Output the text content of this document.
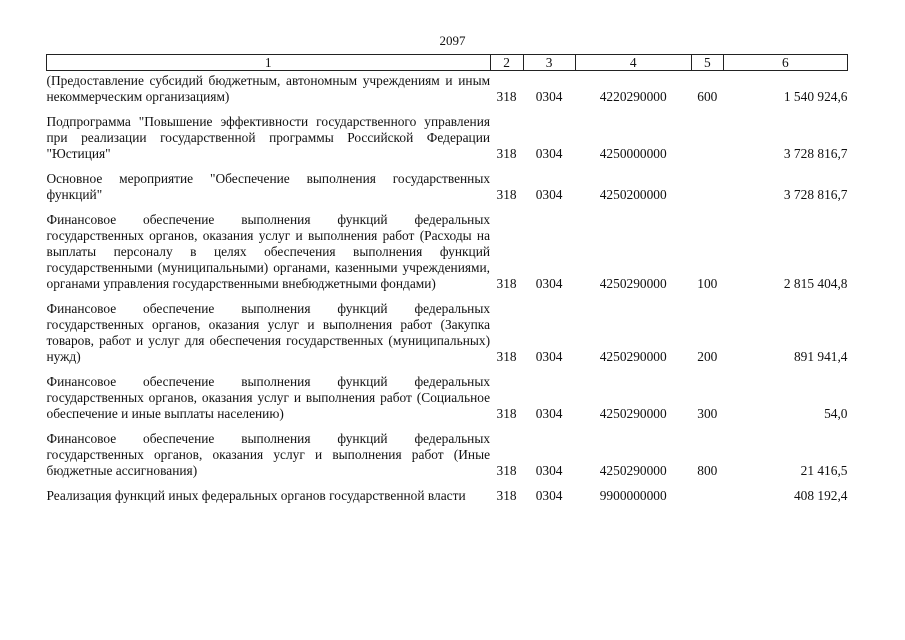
2097
1	2	3	4	5	6
(Предоставление субсидий бюджетным, автономным учреждениям и иным некоммерческим организациям)	318	0304	4220290000	600	1 540 924,6

Подпрограмма "Повышение эффективности государственного управления при реализации государственной программы Российской Федерации "Юстиция"	318	0304	4250000000		3 728 816,7

Основное мероприятие "Обеспечение выполнения государственных функций"	318	0304	4250200000		3 728 816,7

Финансовое обеспечение выполнения функций федеральных государственных органов, оказания услуг и выполнения работ (Расходы на выплаты персоналу в целях обеспечения выполнения функций государственными (муниципальными) органами, казенными учреждениями, органами управления государственными внебюджетными фондами)	318	0304	4250290000	100	2 815 404,8

Финансовое обеспечение выполнения функций федеральных государственных органов, оказания услуг и выполнения работ (Закупка товаров, работ и услуг для обеспечения государственных (муниципальных) нужд)	318	0304	4250290000	200	891 941,4

Финансовое обеспечение выполнения функций федеральных государственных органов, оказания услуг и выполнения работ (Социальное обеспечение и иные выплаты населению)	318	0304	4250290000	300	54,0

Финансовое обеспечение выполнения функций федеральных государственных органов, оказания услуг и выполнения работ (Иные бюджетные ассигнования)	318	0304	4250290000	800	21 416,5

Реализация функций иных федеральных органов государственной власти	318	0304	9900000000		408 192,4
